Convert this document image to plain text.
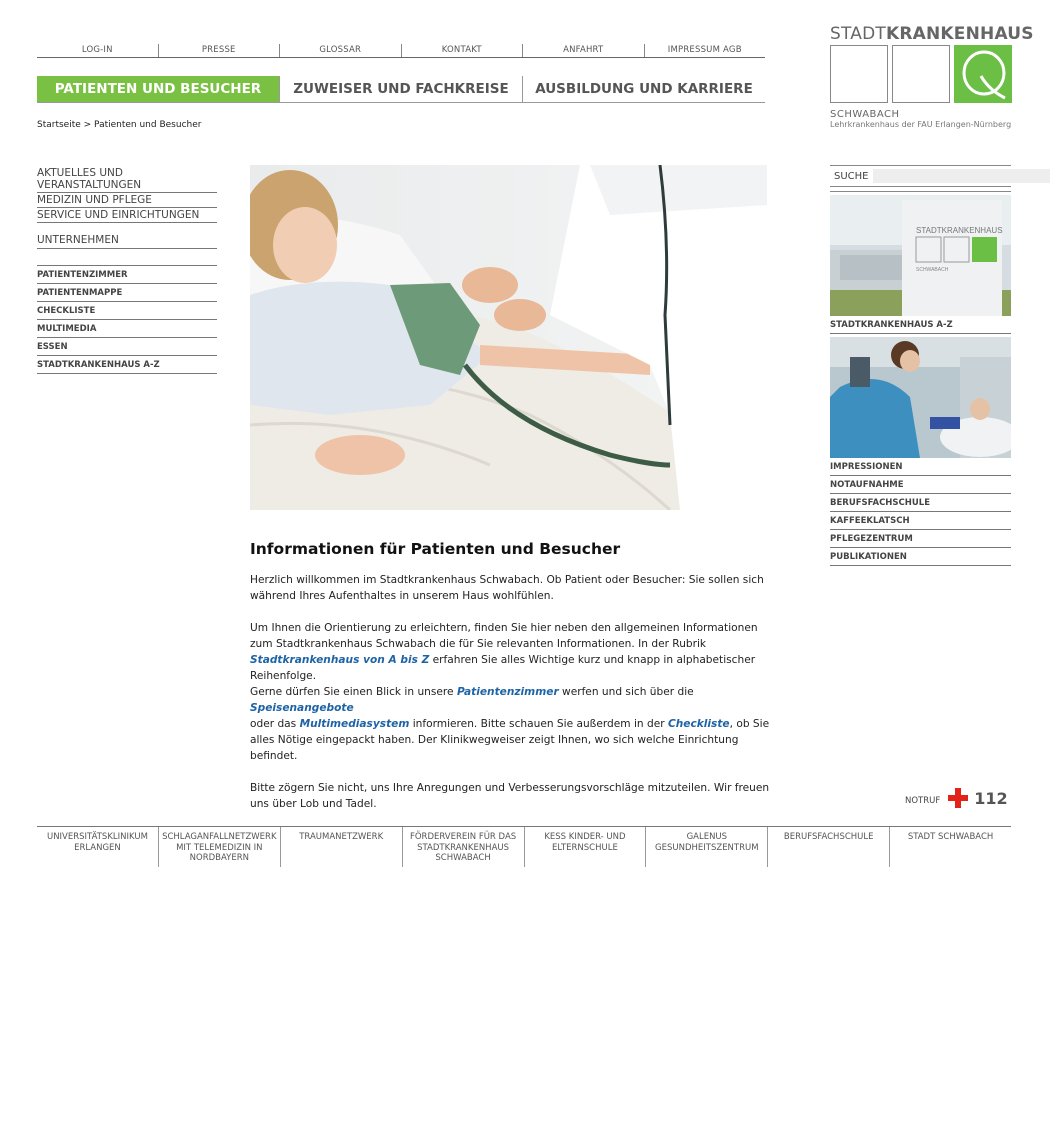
LOG-IN	PRESSE	GLOSSAR	KONTAKT	ANFAHRT	IMPRESSUM AGB
PATIENTEN UND BESUCHER	ZUWEISER UND FACHKREISE	AUSBILDUNG UND KARRIERE
Startseite > Patienten und Besucher
STADTKRANKENHAUS
SCHWABACH
Lehrkrankenhaus der FAU Erlangen-Nürnberg
AKTUELLES UND VERANSTALTUNGEN
MEDIZIN UND PFLEGE
SERVICE UND EINRICHTUNGEN
UNTERNEHMEN
PATIENTENZIMMER
PATIENTENMAPPE
CHECKLISTE
MULTIMEDIA
ESSEN
STADTKRANKENHAUS A-Z
Informationen für Patienten und Besucher

Herzlich willkommen im Stadtkrankenhaus Schwabach. Ob Patient oder Besucher: Sie sollen sich während Ihres Aufenthaltes in unserem Haus wohlfühlen.

Um Ihnen die Orientierung zu erleichtern, finden Sie hier neben den allgemeinen Informationen zum Stadtkrankenhaus Schwabach die für Sie relevanten Informationen. In der Rubrik Stadtkrankenhaus von A bis Z erfahren Sie alles Wichtige kurz und knapp in alphabetischer Reihenfolge.
Gerne dürfen Sie einen Blick in unsere Patientenzimmer werfen und sich über die Speisenangebote
oder das Multimediasystem informieren. Bitte schauen Sie außerdem in der Checkliste, ob Sie alles Nötige eingepackt haben. Der Klinikwegweiser zeigt Ihnen, wo sich welche Einrichtung befindet.

Bitte zögern Sie nicht, uns Ihre Anregungen und Verbesserungsvorschläge mitzuteilen. Wir freuen uns über Lob und Tadel.

SUCHE
STADTKRANKENHAUS
SCHWABACH
STADTKRANKENHAUS A-Z
IMPRESSIONEN
NOTAUFNAHME
BERUFSFACHSCHULE
KAFFEEKLATSCH
PFLEGEZENTRUM
PUBLIKATIONEN
NOTRUF 112
UNIVERSITÄTSKLINIKUM ERLANGEN
SCHLAGANFALLNETZWERK MIT TELEMEDIZIN IN NORDBAYERN
TRAUMANETZWERK	FÖRDERVEREIN FÜR DAS STADTKRANKENHAUS SCHWABACH
KESS KINDER- UND ELTERNSCHULE
GALENUS GESUNDHEITSZENTRUM
BERUFSFACHSCHULE	STADT SCHWABACH
